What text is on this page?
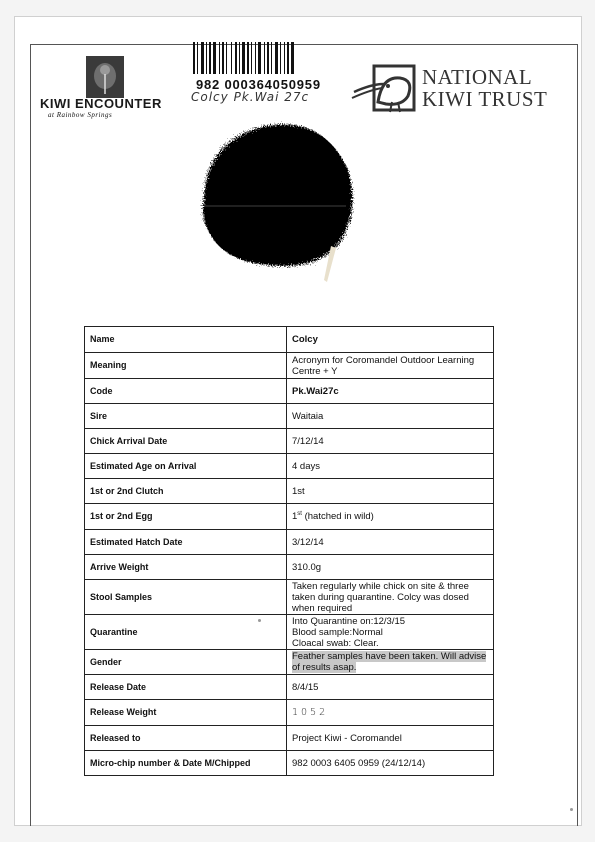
KIWI ENCOUNTER
at Rainbow Springs
982 000364050959
Colcy Pk.Wai 27c
NATIONAL
KIWI TRUST
Name	Colcy
Meaning	Acronym for Coromandel Outdoor Learning Centre + Y
Code	Pk.Wai27c
Sire	Waitaia
Chick Arrival Date	7/12/14
Estimated Age on Arrival	4 days
1st or 2nd Clutch	1st
1st or 2nd Egg	1st (hatched in wild)
Estimated Hatch Date	3/12/14
Arrive Weight	310.0g
Stool Samples	Taken regularly while chick on site & three taken during quarantine. Colcy was dosed when required
Quarantine	Into Quarantine on:12/3/15
Blood sample:Normal
Cloacal swab: Clear.

Gender	Feather samples have been taken. Will advise of results asap.
Release Date	8/4/15
Release Weight	1052
Released to	Project Kiwi - Coromandel
Micro-chip number & Date M/Chipped	982 0003 6405 0959 (24/12/14)
